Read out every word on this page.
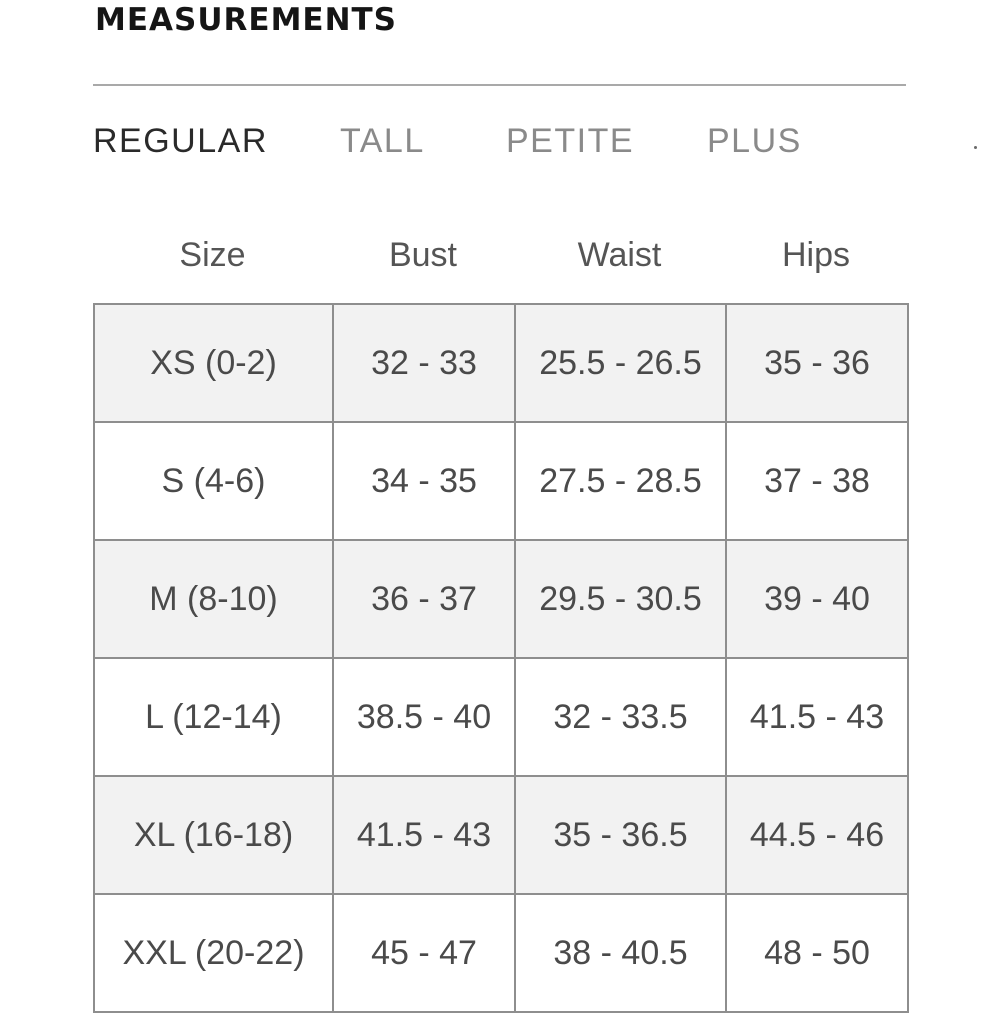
MEASUREMENTS
REGULAR TALL PETITE PLUS
Size	Bust	Waist	Hips
XS (0-2)	32 - 33	25.5 - 26.5	35 - 36
S (4-6)	34 - 35	27.5 - 28.5	37 - 38
M (8-10)	36 - 37	29.5 - 30.5	39 - 40
L (12-14)	38.5 - 40	32 - 33.5	41.5 - 43
XL (16-18)	41.5 - 43	35 - 36.5	44.5 - 46
XXL (20-22)	45 - 47	38 - 40.5	48 - 50
